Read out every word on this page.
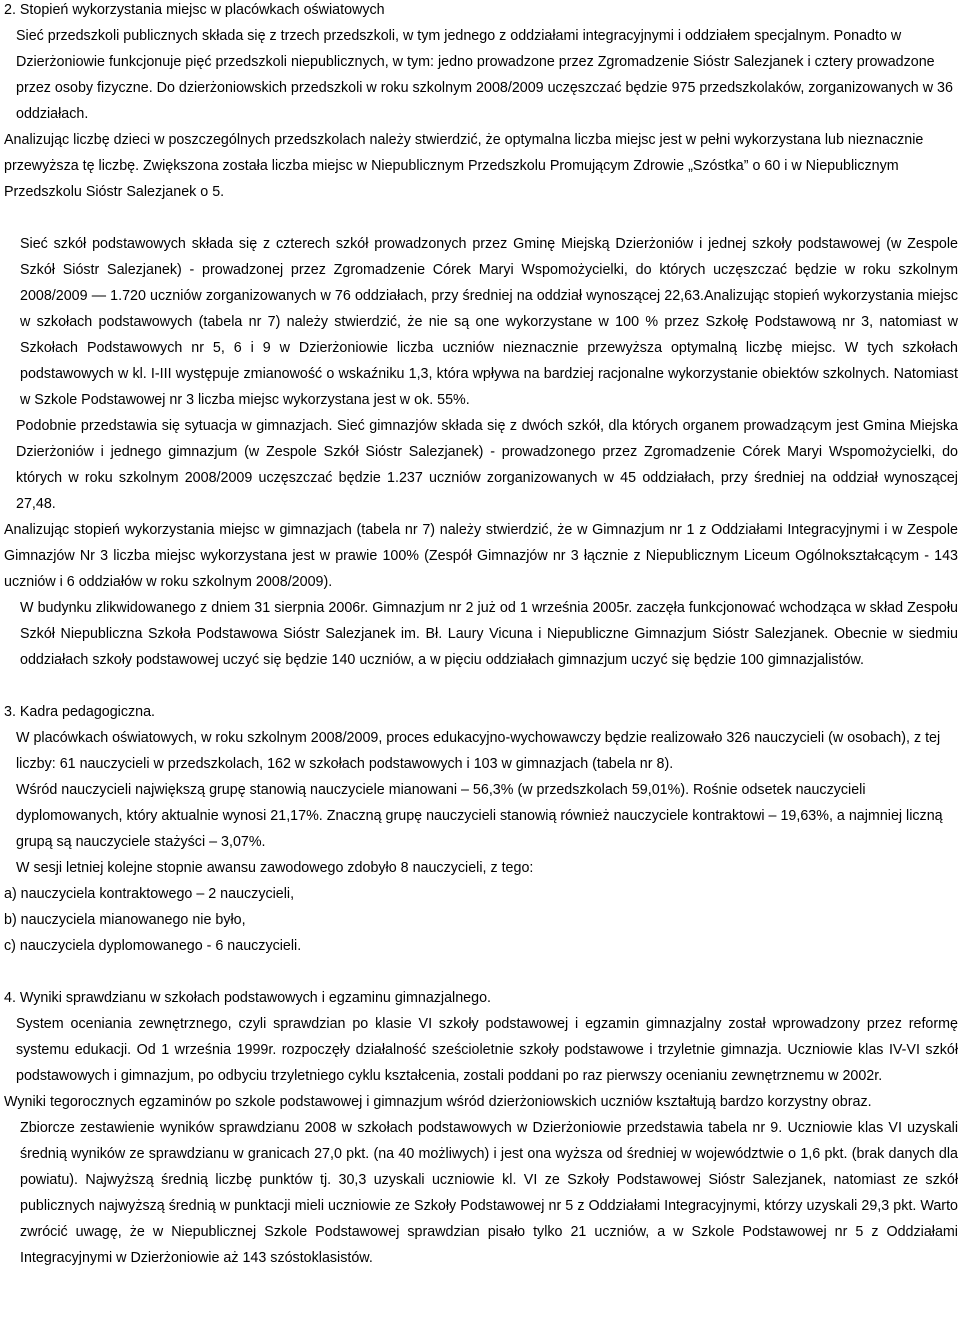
2. Stopień wykorzystania miejsc w placówkach oświatowych

Sieć przedszkoli publicznych składa się z trzech przedszkoli, w tym jednego z oddziałami integracyjnymi i oddziałem specjalnym. Ponadto w Dzierżoniowie funkcjonuje pięć przedszkoli niepublicznych, w tym: jedno prowadzone przez Zgromadzenie Sióstr Salezjanek i cztery prowadzone przez osoby fizyczne. Do dzierżoniowskich przedszkoli w roku szkolnym 2008/2009 uczęszczać będzie 975 przedszkolaków, zorganizowanych w 36 oddziałach.

Analizując liczbę dzieci w poszczególnych przedszkolach należy stwierdzić, że optymalna liczba miejsc jest w pełni wykorzystana lub nieznacznie przewyższa tę liczbę. Zwiększona została liczba miejsc w Niepublicznym Przedszkolu Promującym Zdrowie „Szóstka” o 60 i w Niepublicznym Przedszkolu Sióstr Salezjanek o 5.

Sieć szkół podstawowych składa się z czterech szkół prowadzonych przez Gminę Miejską Dzierżoniów i jednej szkoły podstawowej (w Zespole Szkół Sióstr Salezjanek) - prowadzonej przez Zgromadzenie Córek Maryi Wspomożycielki, do których uczęszczać będzie w roku szkolnym 2008/2009 — 1.720 uczniów zorganizowanych w 76 oddziałach, przy średniej na oddział wynoszącej 22,63.Analizując stopień wykorzystania miejsc w szkołach podstawowych (tabela nr 7) należy stwierdzić, że nie są one wykorzystane w 100 % przez Szkołę Podstawową nr 3, natomiast w Szkołach Podstawowych nr 5, 6 i 9 w Dzierżoniowie liczba uczniów nieznacznie przewyższa optymalną liczbę miejsc. W tych szkołach podstawowych w kl. I-III występuje zmianowość o wskaźniku 1,3, która wpływa na bardziej racjonalne wykorzystanie obiektów szkolnych. Natomiast w Szkole Podstawowej nr 3 liczba miejsc wykorzystana jest w ok. 55%.

Podobnie przedstawia się sytuacja w gimnazjach. Sieć gimnazjów składa się z dwóch szkół, dla których organem prowadzącym jest Gmina Miejska Dzierżoniów i jednego gimnazjum (w Zespole Szkół Sióstr Salezjanek) - prowadzonego przez Zgromadzenie Córek Maryi Wspomożycielki, do których w roku szkolnym 2008/2009 uczęszczać będzie 1.237 uczniów zorganizowanych w 45 oddziałach, przy średniej na oddział wynoszącej 27,48.

Analizując stopień wykorzystania miejsc w gimnazjach (tabela nr 7) należy stwierdzić, że w Gimnazjum nr 1 z Oddziałami Integracyjnymi i w Zespole Gimnazjów Nr 3 liczba miejsc wykorzystana jest w prawie 100% (Zespół Gimnazjów nr 3 łącznie z Niepublicznym Liceum Ogólnokształcącym - 143 uczniów i 6 oddziałów w roku szkolnym 2008/2009).

W budynku zlikwidowanego z dniem 31 sierpnia 2006r. Gimnazjum nr 2 już od 1 września 2005r. zaczęła funkcjonować wchodząca w skład Zespołu Szkół Niepubliczna Szkoła Podstawowa Sióstr Salezjanek im. Bł. Laury Vicuna i Niepubliczne Gimnazjum Sióstr Salezjanek. Obecnie w siedmiu oddziałach szkoły podstawowej uczyć się będzie 140 uczniów, a w pięciu oddziałach gimnazjum uczyć się będzie 100 gimnazjalistów.

3. Kadra pedagogiczna.

W placówkach oświatowych, w roku szkolnym 2008/2009, proces edukacyjno-wychowawczy będzie realizowało 326 nauczycieli (w osobach), z tej liczby: 61 nauczycieli w przedszkolach, 162 w szkołach podstawowych i 103 w gimnazjach (tabela nr 8).

Wśród nauczycieli największą grupę stanowią nauczyciele mianowani – 56,3% (w przedszkolach 59,01%). Rośnie odsetek nauczycieli dyplomowanych, który aktualnie wynosi 21,17%. Znaczną grupę nauczycieli stanowią również nauczyciele kontraktowi – 19,63%, a najmniej liczną grupą są nauczyciele stażyści – 3,07%.

W sesji letniej kolejne stopnie awansu zawodowego zdobyło 8 nauczycieli, z tego:

a) nauczyciela kontraktowego – 2 nauczycieli,

b) nauczyciela mianowanego nie było,

c) nauczyciela dyplomowanego - 6 nauczycieli.

4. Wyniki sprawdzianu w szkołach podstawowych i egzaminu gimnazjalnego.

System oceniania zewnętrznego, czyli sprawdzian po klasie VI szkoły podstawowej i egzamin gimnazjalny został wprowadzony przez reformę systemu edukacji. Od 1 września 1999r. rozpoczęły działalność sześcioletnie szkoły podstawowe i trzyletnie gimnazja. Uczniowie klas IV-VI szkół podstawowych i gimnazjum, po odbyciu trzyletniego cyklu kształcenia, zostali poddani po raz pierwszy ocenianiu zewnętrznemu w 2002r.

Wyniki tegorocznych egzaminów po szkole podstawowej i gimnazjum wśród dzierżoniowskich uczniów kształtują bardzo korzystny obraz.

Zbiorcze zestawienie wyników sprawdzianu 2008 w szkołach podstawowych w Dzierżoniowie przedstawia tabela nr 9. Uczniowie klas VI uzyskali średnią wyników ze sprawdzianu w granicach 27,0 pkt. (na 40 możliwych) i jest ona wyższa od średniej w województwie o 1,6 pkt. (brak danych dla powiatu). Najwyższą średnią liczbę punktów tj. 30,3 uzyskali uczniowie kl. VI ze Szkoły Podstawowej Sióstr Salezjanek, natomiast ze szkół publicznych najwyższą średnią w punktacji mieli uczniowie ze Szkoły Podstawowej nr 5 z Oddziałami Integracyjnymi, którzy uzyskali 29,3 pkt. Warto zwrócić uwagę, że w Niepublicznej Szkole Podstawowej sprawdzian pisało tylko 21 uczniów, a w Szkole Podstawowej nr 5 z Oddziałami Integracyjnymi w Dzierżoniowie aż 143 szóstoklasistów.
